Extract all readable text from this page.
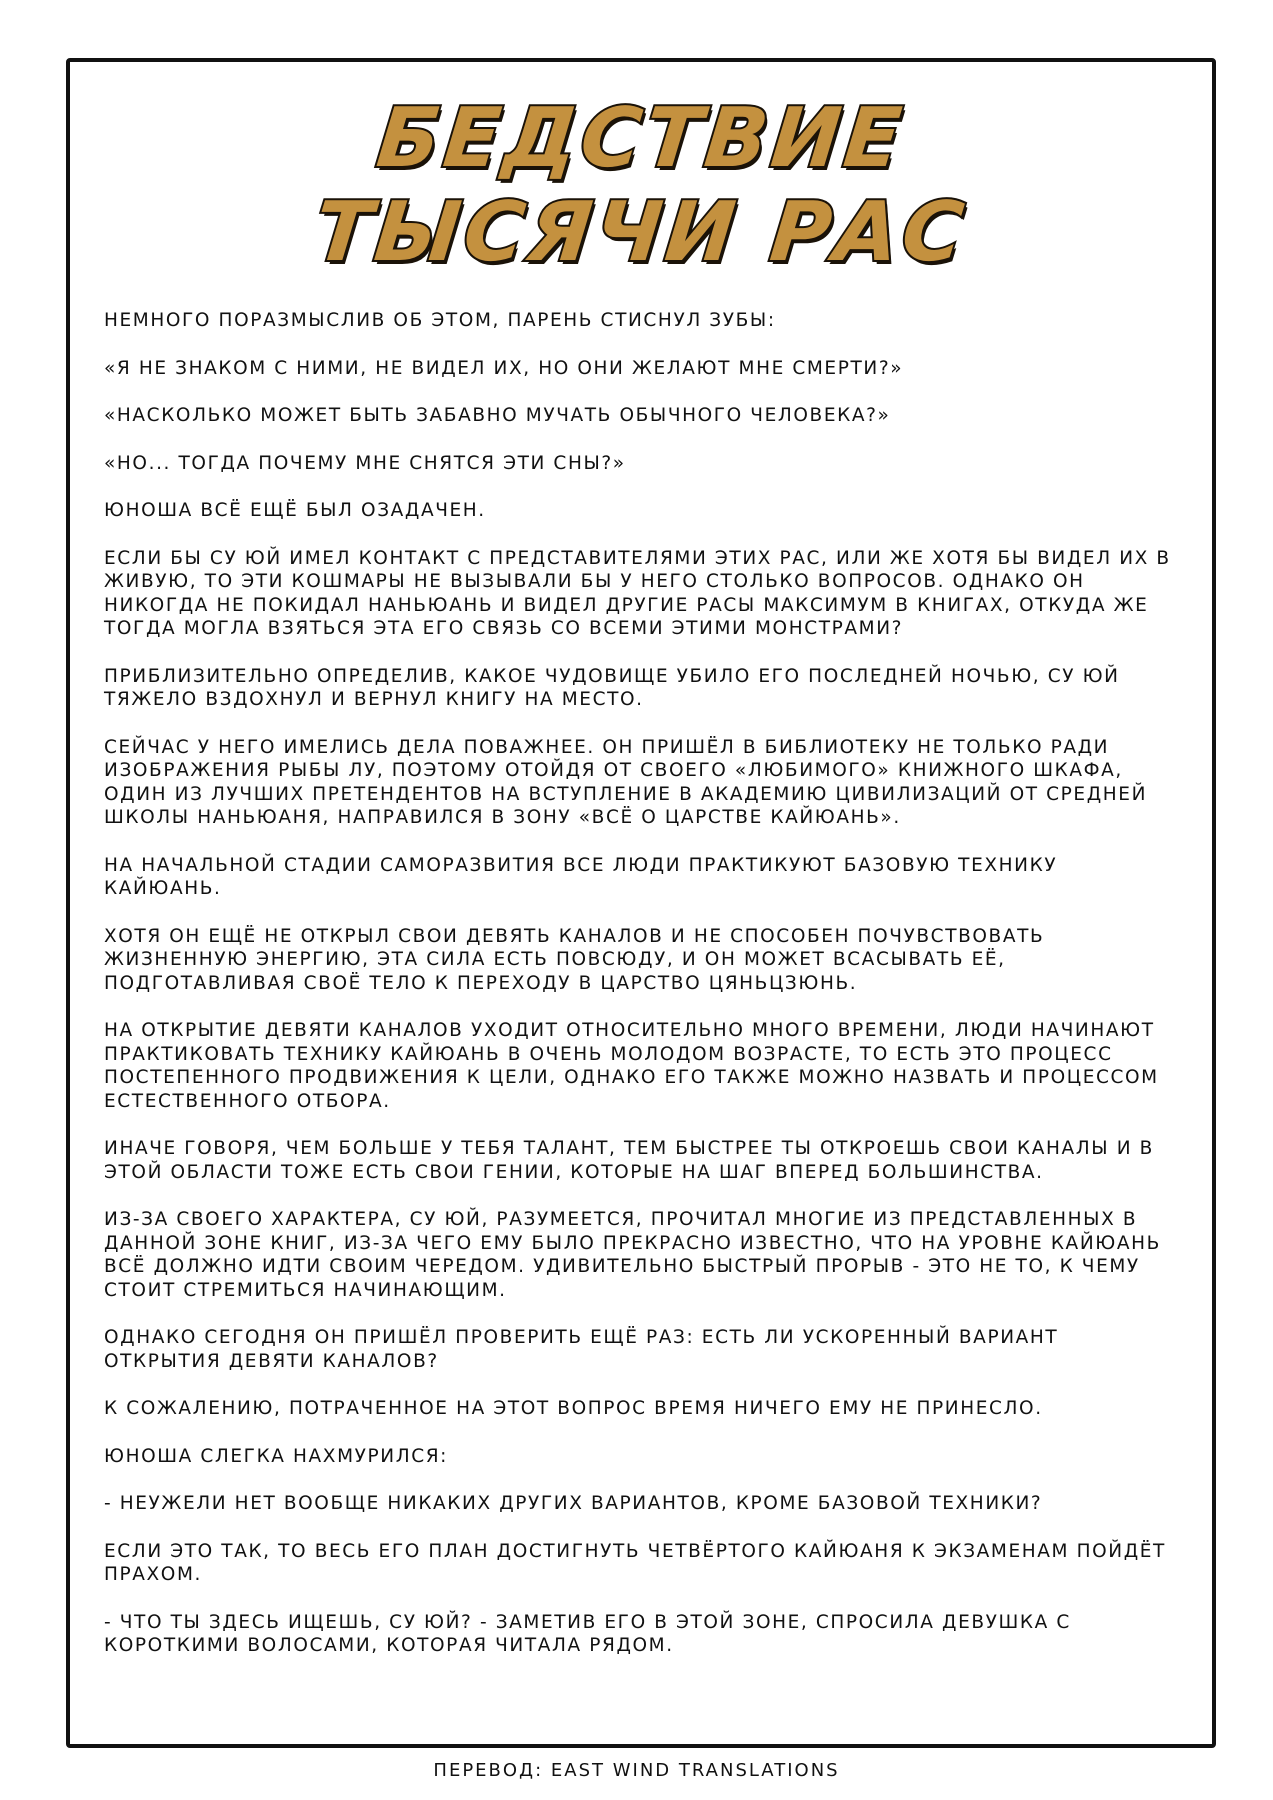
БЕДСТВИЕ
ТЫСЯЧИ РАС

НЕМНОГО ПОРАЗМЫСЛИВ ОБ ЭТОМ, ПАРЕНЬ СТИСНУЛ ЗУБЫ:

«Я НЕ ЗНАКОМ С НИМИ, НЕ ВИДЕЛ ИХ, НО ОНИ ЖЕЛАЮТ МНЕ СМЕРТИ?»

«НАСКОЛЬКО МОЖЕТ БЫТЬ ЗАБАВНО МУЧАТЬ ОБЫЧНОГО ЧЕЛОВЕКА?»

«НО... ТОГДА ПОЧЕМУ МНЕ СНЯТСЯ ЭТИ СНЫ?»

ЮНОША ВСЁ ЕЩЁ БЫЛ ОЗАДАЧЕН.

ЕСЛИ БЫ СУ ЮЙ ИМЕЛ КОНТАКТ С ПРЕДСТАВИТЕЛЯМИ ЭТИХ РАС, ИЛИ ЖЕ ХОТЯ БЫ ВИДЕЛ ИХ В ЖИВУЮ, ТО ЭТИ КОШМАРЫ НЕ ВЫЗЫВАЛИ БЫ У НЕГО СТОЛЬКО ВОПРОСОВ. ОДНАКО ОН НИКОГДА НЕ ПОКИДАЛ НАНЬЮАНЬ И ВИДЕЛ ДРУГИЕ РАСЫ МАКСИМУМ В КНИГАХ, ОТКУДА ЖЕ ТОГДА МОГЛА ВЗЯТЬСЯ ЭТА ЕГО СВЯЗЬ СО ВСЕМИ ЭТИМИ МОНСТРАМИ?

ПРИБЛИЗИТЕЛЬНО ОПРЕДЕЛИВ, КАКОЕ ЧУДОВИЩЕ УБИЛО ЕГО ПОСЛЕДНЕЙ НОЧЬЮ, СУ ЮЙ ТЯЖЕЛО ВЗДОХНУЛ И ВЕРНУЛ КНИГУ НА МЕСТО.

СЕЙЧАС У НЕГО ИМЕЛИСЬ ДЕЛА ПОВАЖНЕЕ. ОН ПРИШЁЛ В БИБЛИОТЕКУ НЕ ТОЛЬКО РАДИ ИЗОБРАЖЕНИЯ РЫБЫ ЛУ, ПОЭТОМУ ОТОЙДЯ ОТ СВОЕГО «ЛЮБИМОГО» КНИЖНОГО ШКАФА, ОДИН ИЗ ЛУЧШИХ ПРЕТЕНДЕНТОВ НА ВСТУПЛЕНИЕ В АКАДЕМИЮ ЦИВИЛИЗАЦИЙ ОТ СРЕДНЕЙ ШКОЛЫ НАНЬЮАНЯ, НАПРАВИЛСЯ В ЗОНУ «ВСЁ О ЦАРСТВЕ КАЙЮАНЬ».

НА НАЧАЛЬНОЙ СТАДИИ САМОРАЗВИТИЯ ВСЕ ЛЮДИ ПРАКТИКУЮТ БАЗОВУЮ ТЕХНИКУ КАЙЮАНЬ.

ХОТЯ ОН ЕЩЁ НЕ ОТКРЫЛ СВОИ ДЕВЯТЬ КАНАЛОВ И НЕ СПОСОБЕН ПОЧУВСТВОВАТЬ ЖИЗНЕННУЮ ЭНЕРГИЮ, ЭТА СИЛА ЕСТЬ ПОВСЮДУ, И ОН МОЖЕТ ВСАСЫВАТЬ ЕЁ, ПОДГОТАВЛИВАЯ СВОЁ ТЕЛО К ПЕРЕХОДУ В ЦАРСТВО ЦЯНЬЦЗЮНЬ.

НА ОТКРЫТИЕ ДЕВЯТИ КАНАЛОВ УХОДИТ ОТНОСИТЕЛЬНО МНОГО ВРЕМЕНИ, ЛЮДИ НАЧИНАЮТ ПРАКТИКОВАТЬ ТЕХНИКУ КАЙЮАНЬ В ОЧЕНЬ МОЛОДОМ ВОЗРАСТЕ, ТО ЕСТЬ ЭТО ПРОЦЕСС ПОСТЕПЕННОГО ПРОДВИЖЕНИЯ К ЦЕЛИ, ОДНАКО ЕГО ТАКЖЕ МОЖНО НАЗВАТЬ И ПРОЦЕССОМ ЕСТЕСТВЕННОГО ОТБОРА.

ИНАЧЕ ГОВОРЯ, ЧЕМ БОЛЬШЕ У ТЕБЯ ТАЛАНТ, ТЕМ БЫСТРЕЕ ТЫ ОТКРОЕШЬ СВОИ КАНАЛЫ И В ЭТОЙ ОБЛАСТИ ТОЖЕ ЕСТЬ СВОИ ГЕНИИ, КОТОРЫЕ НА ШАГ ВПЕРЕД БОЛЬШИНСТВА.

ИЗ-ЗА СВОЕГО ХАРАКТЕРА, СУ ЮЙ, РАЗУМЕЕТСЯ, ПРОЧИТАЛ МНОГИЕ ИЗ ПРЕДСТАВЛЕННЫХ В ДАННОЙ ЗОНЕ КНИГ, ИЗ-ЗА ЧЕГО ЕМУ БЫЛО ПРЕКРАСНО ИЗВЕСТНО, ЧТО НА УРОВНЕ КАЙЮАНЬ ВСЁ ДОЛЖНО ИДТИ СВОИМ ЧЕРЕДОМ. УДИВИТЕЛЬНО БЫСТРЫЙ ПРОРЫВ - ЭТО НЕ ТО, К ЧЕМУ СТОИТ СТРЕМИТЬСЯ НАЧИНАЮЩИМ.

ОДНАКО СЕГОДНЯ ОН ПРИШЁЛ ПРОВЕРИТЬ ЕЩЁ РАЗ: ЕСТЬ ЛИ УСКОРЕННЫЙ ВАРИАНТ ОТКРЫТИЯ ДЕВЯТИ КАНАЛОВ?

К СОЖАЛЕНИЮ, ПОТРАЧЕННОЕ НА ЭТОТ ВОПРОС ВРЕМЯ НИЧЕГО ЕМУ НЕ ПРИНЕСЛО.

ЮНОША СЛЕГКА НАХМУРИЛСЯ:

- НЕУЖЕЛИ НЕТ ВООБЩЕ НИКАКИХ ДРУГИХ ВАРИАНТОВ, КРОМЕ БАЗОВОЙ ТЕХНИКИ?

ЕСЛИ ЭТО ТАК, ТО ВЕСЬ ЕГО ПЛАН ДОСТИГНУТЬ ЧЕТВЁРТОГО КАЙЮАНЯ К ЭКЗАМЕНАМ ПОЙДЁТ ПРАХОМ.

- ЧТО ТЫ ЗДЕСЬ ИЩЕШЬ, СУ ЮЙ? - ЗАМЕТИВ ЕГО В ЭТОЙ ЗОНЕ, СПРОСИЛА ДЕВУШКА С КОРОТКИМИ ВОЛОСАМИ, КОТОРАЯ ЧИТАЛА РЯДОМ.

ПЕРЕВОД: EAST WIND TRANSLATIONS
